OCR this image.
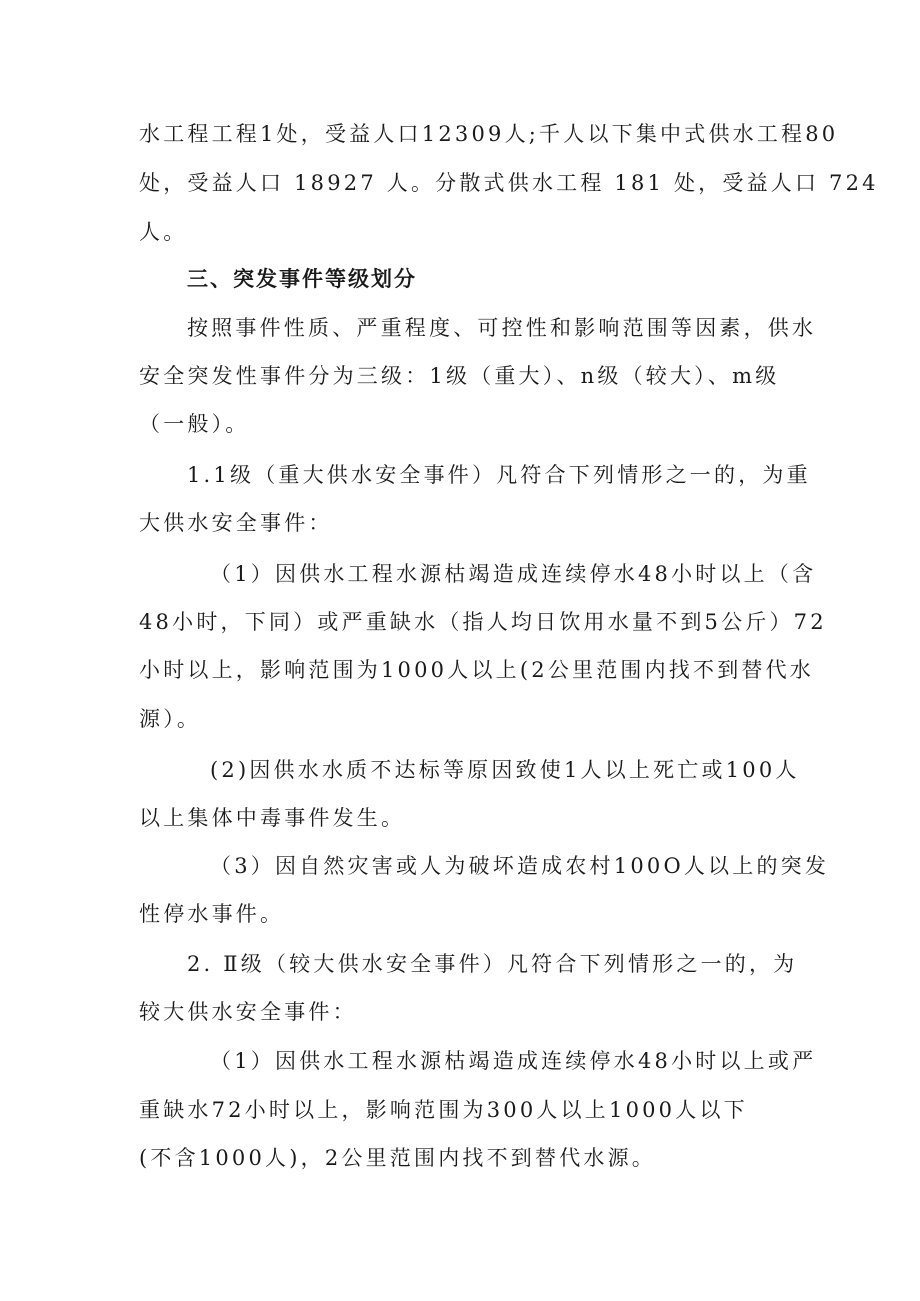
水工程工程1处，受益人口12309人;千人以下集中式供水工程80
处，受益人口 18927 人。分散式供水工程 181 处，受益人口 724
人。
三、突发事件等级划分
按照事件性质、严重程度、可控性和影响范围等因素，供水
安全突发性事件分为三级：1级（重大）、n级（较大）、m级
（一般）。
1.1级（重大供水安全事件）凡符合下列情形之一的，为重
大供水安全事件：
（1）因供水工程水源枯竭造成连续停水48小时以上（含
48小时，下同）或严重缺水（指人均日饮用水量不到5公斤）72
小时以上，影响范围为1000人以上(2公里范围内找不到替代水
源）。
(2)因供水水质不达标等原因致使1人以上死亡或100人
以上集体中毒事件发生。
（3）因自然灾害或人为破坏造成农村100O人以上的突发
性停水事件。
2. Ⅱ级（较大供水安全事件）凡符合下列情形之一的，为
较大供水安全事件：
（1）因供水工程水源枯竭造成连续停水48小时以上或严
重缺水72小时以上，影响范围为300人以上1000人以下
(不含1000人)，2公里范围内找不到替代水源。
